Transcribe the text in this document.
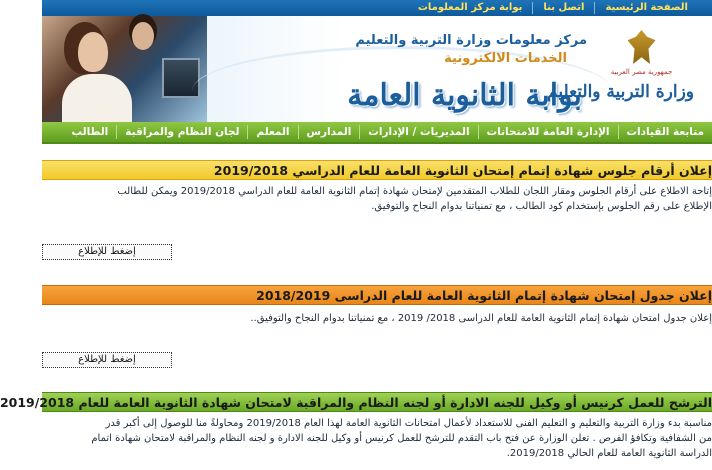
الصفحة الرئيسية
اتصل بنا
بوابة مركز المعلومات
مركز معلومات وزارة التربية والتعليم
الخدمات الالكترونية
بوابة الثانوية العامة
جمهورية مصر العربية
وزارة التربية والتعليم
متابعة القيادات
الإدارة العامة للامتحانات
المديريات / الإدارات
المدارس
المعلم
لجان النظام والمراقبة
الطالب
إعلان أرقام جلوس شهادة إتمام إمتحان الثانوية العامة للعام الدراسي 2019/2018

إتاحة الاطلاع على أرقام الجلوس ومقار اللجان للطلاب المتقدمين لإمتحان شهادة إتمام الثانوية العامة للعام الدراسي 2019/2018 ويمكن للطالب

الإطلاع على رقم الجلوس بإستخدام كود الطالب ، مع تمنياتنا بدوام النجاح والتوفيق.

إضغط للإطلاع
إعلان جدول إمتحان شهادة إتمام الثانوية العامة للعام الدراسى 2018/2019

إعلان جدول امتحان شهادة إتمام الثانوية العامة للعام الدراسى 2018/ 2019 ، مع تمنياتنا بدوام النجاح والتوفيق..

إضغط للإطلاع
الترشح للعمل كرنيس أو وكيل للجنه الادارة أو لجنه النظام والمراقبة لامتحان شهادة الثانوية العامة للعام 2019/2018

مناسبة بدء وزارة التربية والتعليم و التعليم الفنى للاستعداد لأعمال امتحانات الثانوية العامة لهذا العام 2019/2018 ومحاولةً منا للوصول إلى أكبر قدر

من الشفافية وتكافؤ الفرص . تعلن الوزارة عن فتح باب التقدم للترشح للعمل كرنيس أو وكيل للجنه الادارة و لجنه النظام والمراقبة لامتحان شهادة اتمام

الدراسة الثانوية العامة للعام الحالي 2019/2018.
